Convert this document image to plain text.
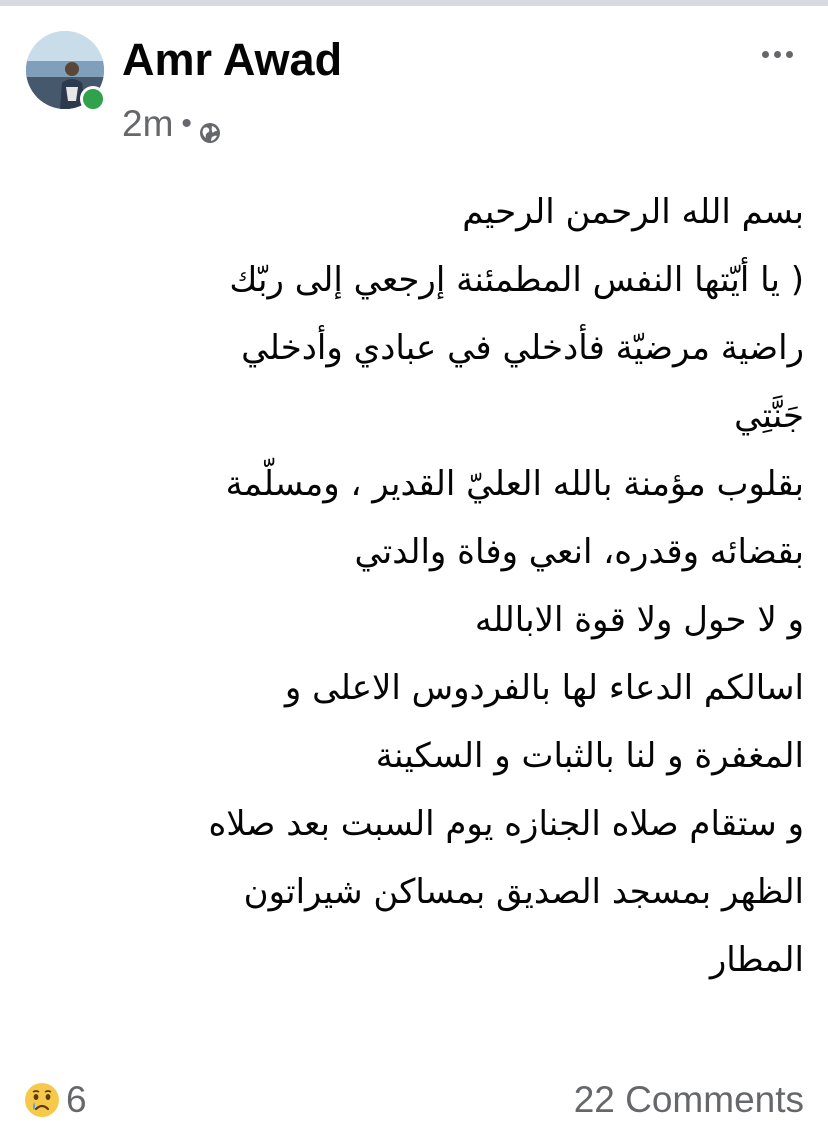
Amr Awad
2m •

بسم الله الرحمن الرحيم

( يا أيّتها النفس المطمئنة إرجعي إلى ربّك

راضية مرضيّة فأدخلي في عبادي وأدخلي

جَنَّتِي

بقلوب مؤمنة بالله العليّ القدير ، ومسلّمة

بقضائه وقدره، انعي وفاة والدتي

و لا حول ولا قوة الابالله

اسالكم الدعاء لها بالفردوس الاعلى و

المغفرة و لنا بالثبات و السكينة

و ستقام صلاه الجنازه يوم السبت بعد صلاه

الظهر بمسجد الصديق بمساكن شيراتون

المطار

6	22 Comments
